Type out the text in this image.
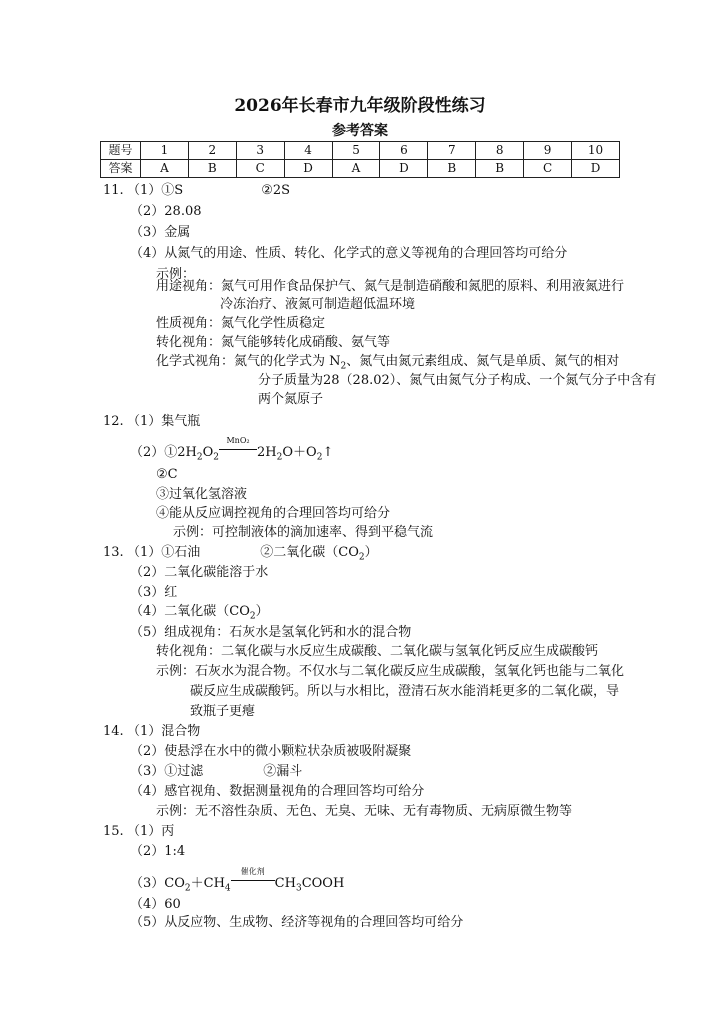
2026年长春市九年级阶段性练习
参考答案
题号	1	2	3	4	5	6	7	8	9	10
答案	A	B	C	D	A	D	B	B	C	D
11. （1）①S	②2S
（2）28.08
（3）金属
（4）从氮气的用途、性质、转化、化学式的意义等视角的合理回答均可给分
示例：
用途视角：氮气可用作食品保护气、氮气是制造硝酸和氮肥的原料、利用液氮进行
冷冻治疗、液氮可制造超低温环境
性质视角：氮气化学性质稳定
转化视角：氮气能够转化成硝酸、氨气等
化学式视角：氮气的化学式为 $N_2$、氮气由氮元素组成、氮气是单质、氮气的相对
分子质量为28（28.02）、氮气由氮气分子构成、一个氮气分子中含有
两个氮原子
12. （1）集气瓶
$(2)①2H_2O_2$
MnO₂
$2H_2O+O_2↑$
②C
③过氧化氢溶液
④能从反应调控视角的合理回答均可给分
示例：可控制液体的滴加速率、得到平稳气流
13. （1）①石油	②二氧化碳$(CO_2)$
（2）二氧化碳能溶于水
（3）红
（4）二氧化碳$(CO_2)$
（5）组成视角：石灰水是氢氧化钙和水的混合物
转化视角：二氧化碳与水反应生成碳酸、二氧化碳与氢氧化钙反应生成碳酸钙
示例：石灰水为混合物。不仅水与二氧化碳反应生成碳酸，氢氧化钙也能与二氧化
碳反应生成碳酸钙。所以与水相比，澄清石灰水能消耗更多的二氧化碳，导
致瓶子更瘪
14. （1）混合物
（2）使悬浮在水中的微小颗粒状杂质被吸附凝聚
（3）①过滤	②漏斗
（4）感官视角、数据测量视角的合理回答均可给分
示例：无不溶性杂质、无色、无臭、无味、无有毒物质、无病原微生物等
15. （1）丙
（2）1:4
$(3)CO_2+CH_4$
催化剂
$CH_3COOH$
（4）60
（5）从反应物、生成物、经济等视角的合理回答均可给分
